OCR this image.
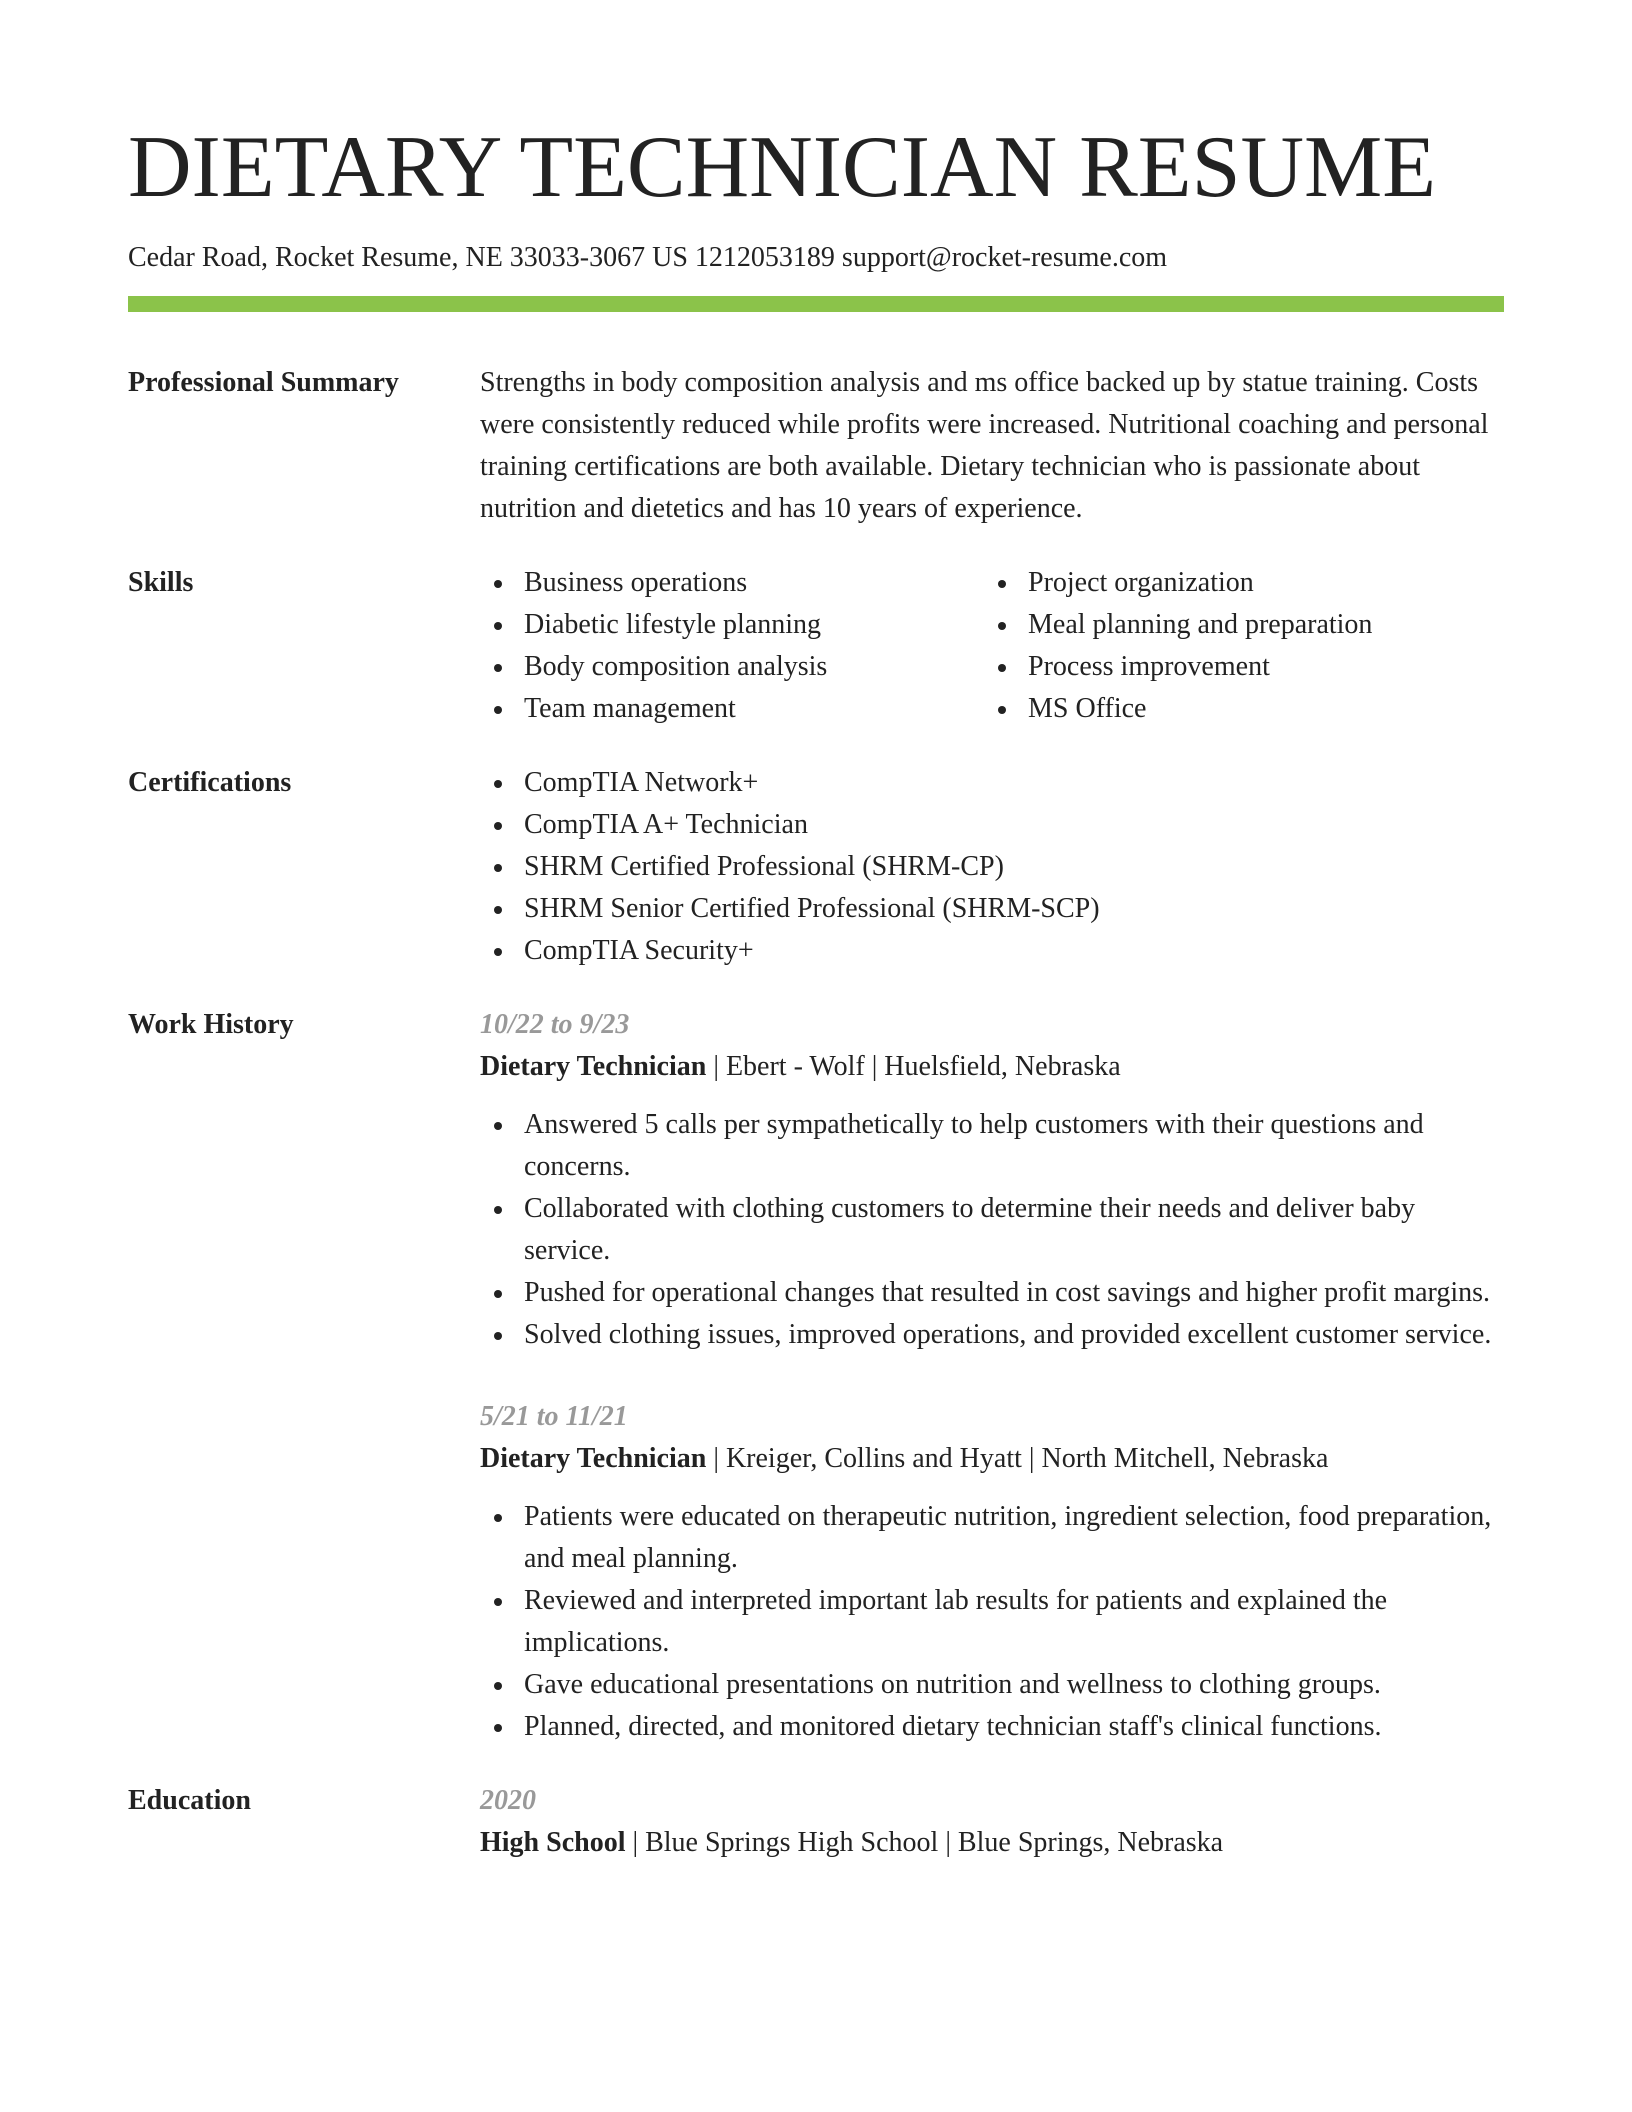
DIETARY TECHNICIAN RESUME
Cedar Road, Rocket Resume, NE 33033-3067 US 1212053189 support@rocket-resume.com
Professional Summary	Strengths in body composition analysis and ms office backed up by statue training. Costs were consistently reduced while profits were increased. Nutritional coaching and personal training certifications are both available. Dietary technician who is passionate about nutrition and dietetics and has 10 years of experience.

Skills	Business operations
Diabetic lifestyle planning
Body composition analysis
Team management
Project organization
Meal planning and preparation
Process improvement
MS Office
Certifications	CompTIA Network+
CompTIA A+ Technician
SHRM Certified Professional (SHRM-CP)
SHRM Senior Certified Professional (SHRM-SCP)
CompTIA Security+
Work History	10/22 to 9/23
Dietary Technician | Ebert - Wolf | Huelsfield, Nebraska
Answered 5 calls per sympathetically to help customers with their questions and concerns.
Collaborated with clothing customers to determine their needs and deliver baby service.
Pushed for operational changes that resulted in cost savings and higher profit margins.
Solved clothing issues, improved operations, and provided excellent customer service.
5/21 to 11/21
Dietary Technician | Kreiger, Collins and Hyatt | North Mitchell, Nebraska
Patients were educated on therapeutic nutrition, ingredient selection, food preparation, and meal planning.
Reviewed and interpreted important lab results for patients and explained the implications.
Gave educational presentations on nutrition and wellness to clothing groups.
Planned, directed, and monitored dietary technician staff's clinical functions.
Education	2020
High School | Blue Springs High School | Blue Springs, Nebraska
